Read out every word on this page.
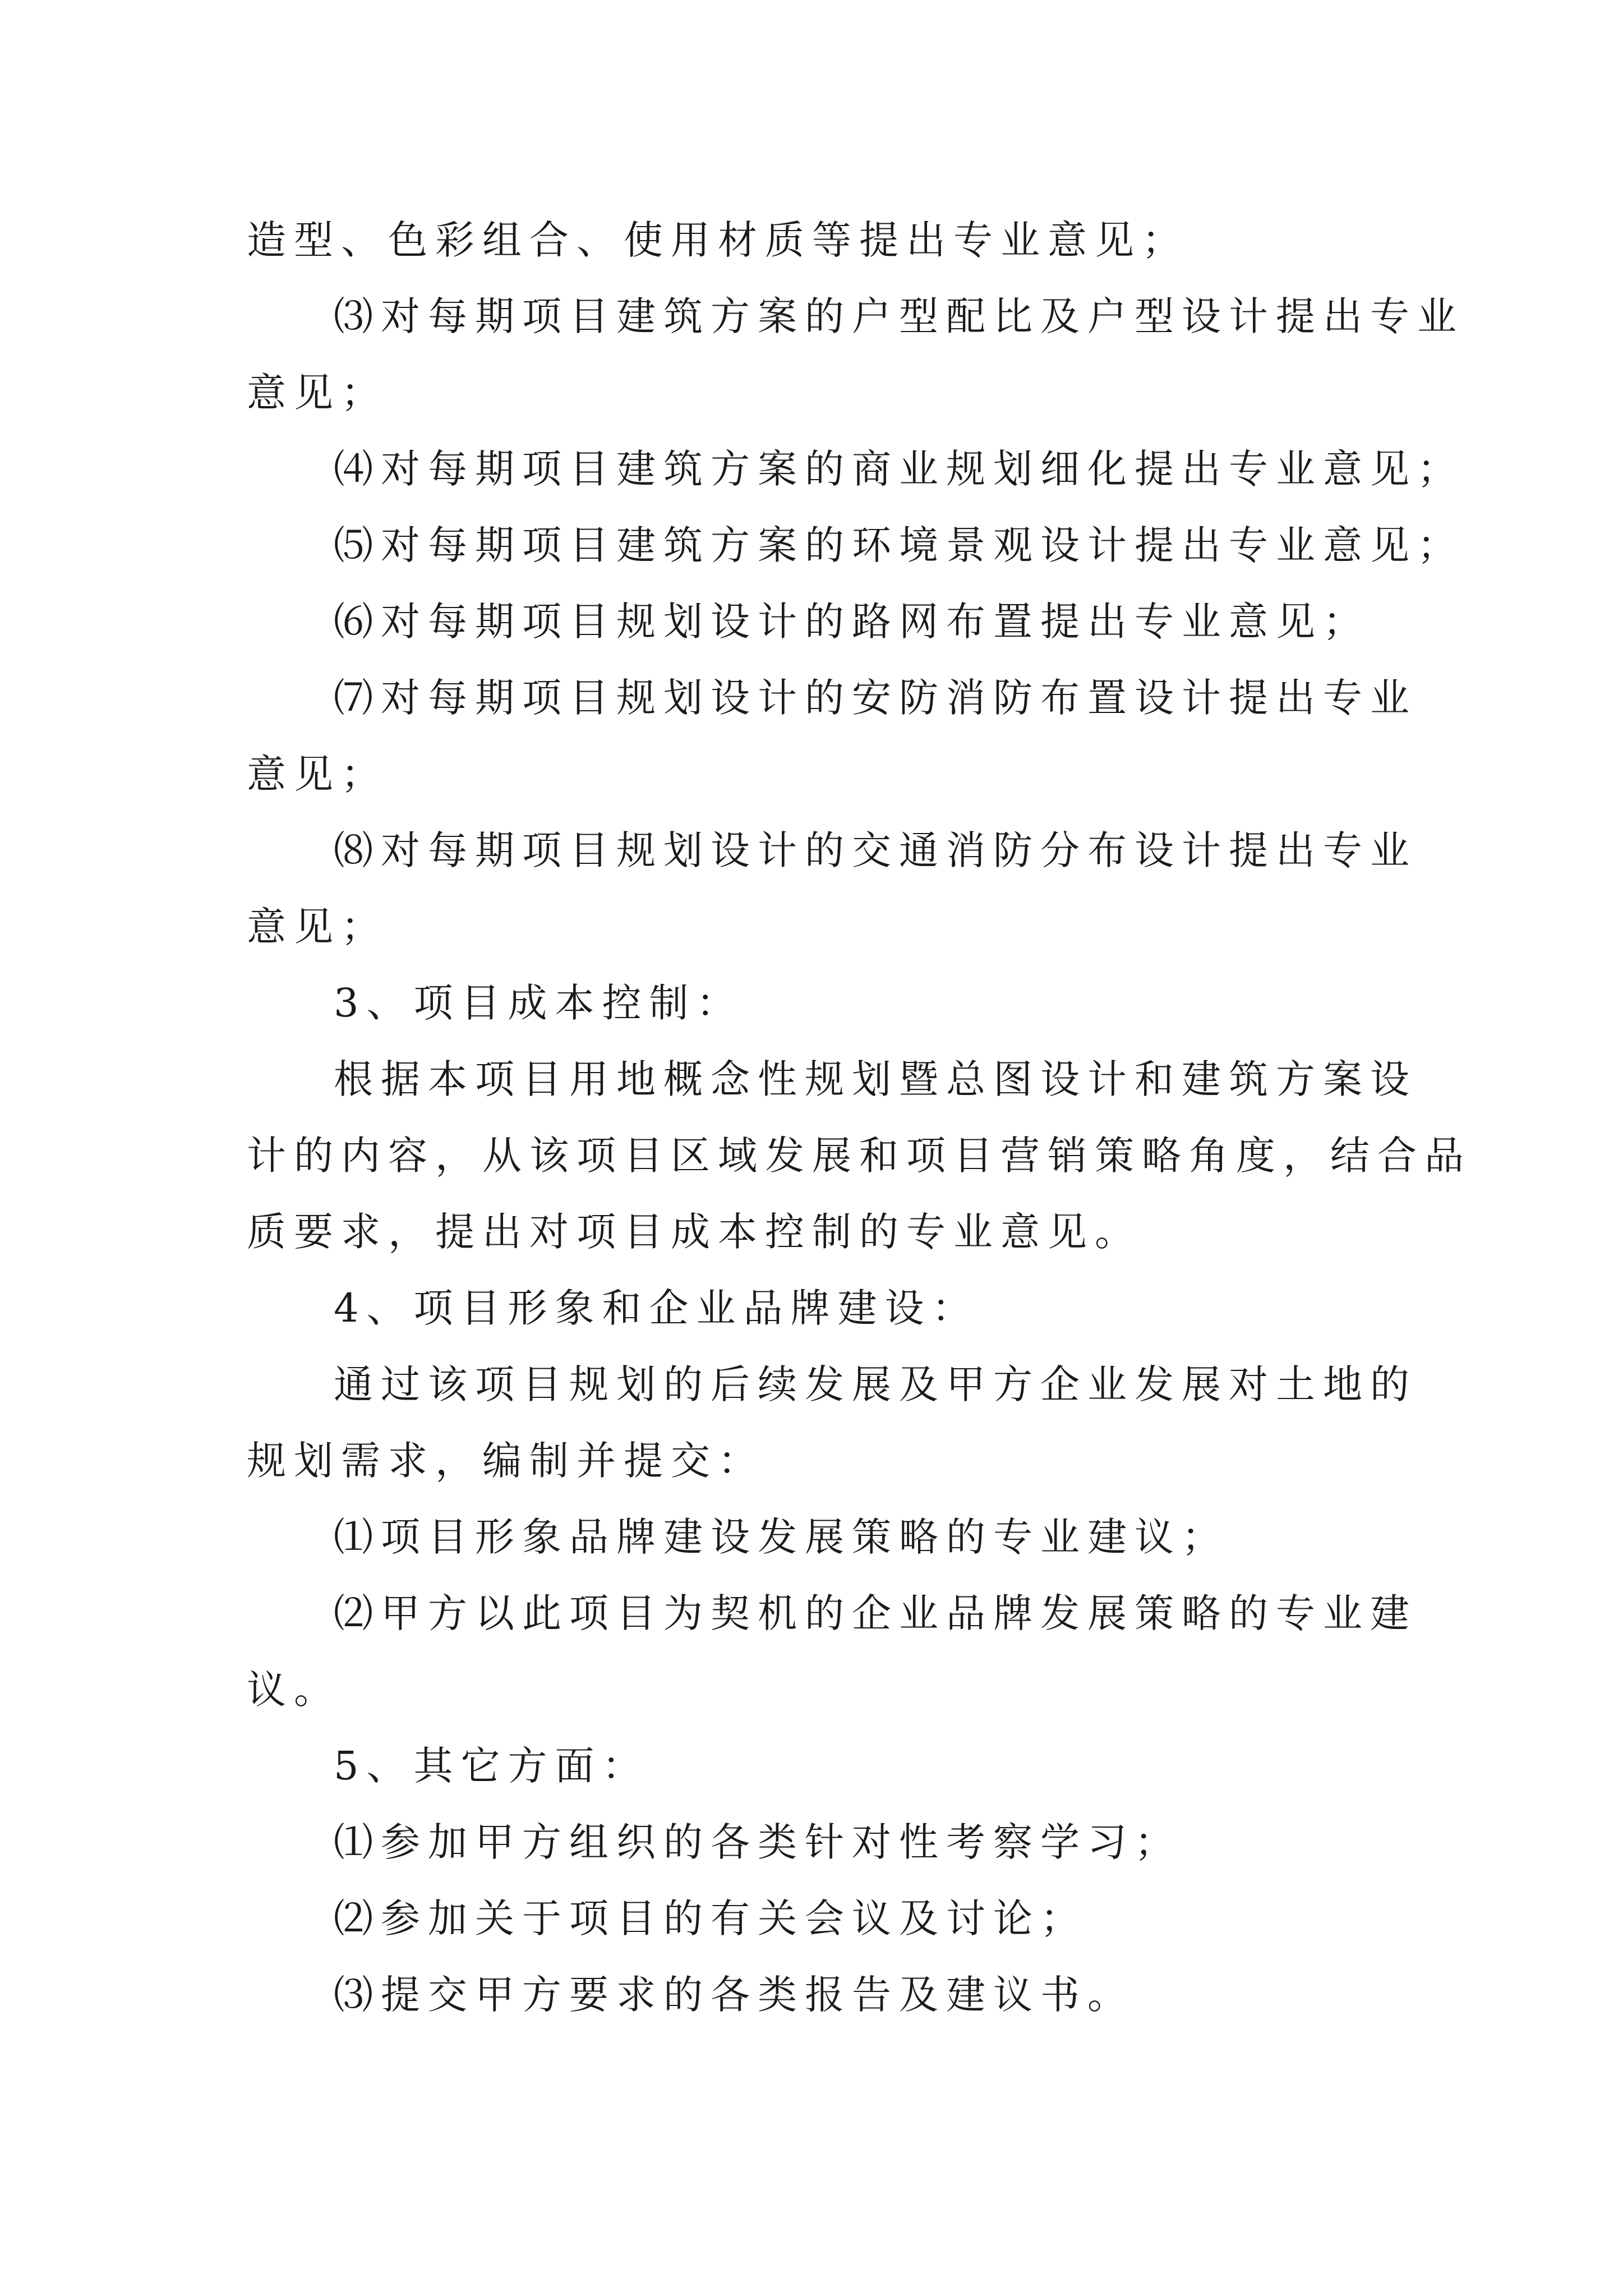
造型、色彩组合、使用材质等提出专业意见；

⑶对每期项目建筑方案的户型配比及户型设计提出专业

意见；

⑷对每期项目建筑方案的商业规划细化提出专业意见；

⑸对每期项目建筑方案的环境景观设计提出专业意见；

⑹对每期项目规划设计的路网布置提出专业意见；

⑺对每期项目规划设计的安防消防布置设计提出专业

意见；

⑻对每期项目规划设计的交通消防分布设计提出专业

意见；

3、项目成本控制：

根据本项目用地概念性规划暨总图设计和建筑方案设

计的内容，从该项目区域发展和项目营销策略角度，结合品

质要求，提出对项目成本控制的专业意见。

4、项目形象和企业品牌建设：

通过该项目规划的后续发展及甲方企业发展对土地的

规划需求，编制并提交：

⑴项目形象品牌建设发展策略的专业建议；

⑵甲方以此项目为契机的企业品牌发展策略的专业建

议。

5、其它方面：

⑴参加甲方组织的各类针对性考察学习；

⑵参加关于项目的有关会议及讨论；

⑶提交甲方要求的各类报告及建议书。
